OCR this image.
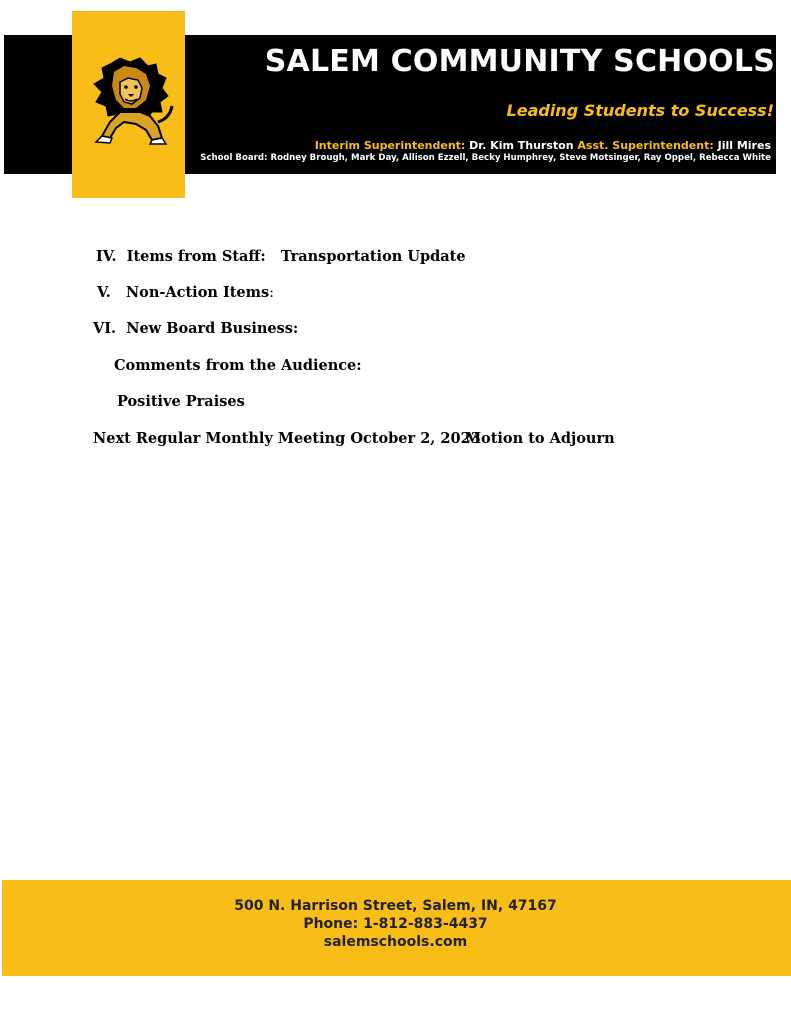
SALEM COMMUNITY SCHOOLS
Leading Students to Success!
Interim Superintendent: Dr. Kim Thurston Asst. Superintendent: Jill Mires
School Board: Rodney Brough, Mark Day, Allison Ezzell, Becky Humphrey, Steve Motsinger, Ray Oppel, Rebecca White
IV. Items from Staff: Transportation Update
V. Non-Action Items:
VI. New Board Business:
Comments from the Audience:
Positive Praises
Next Regular Monthly Meeting October 2, 2023
Motion to Adjourn
500 N. Harrison Street, Salem, IN, 47167
Phone: 1-812-883-4437
salemschools.com
